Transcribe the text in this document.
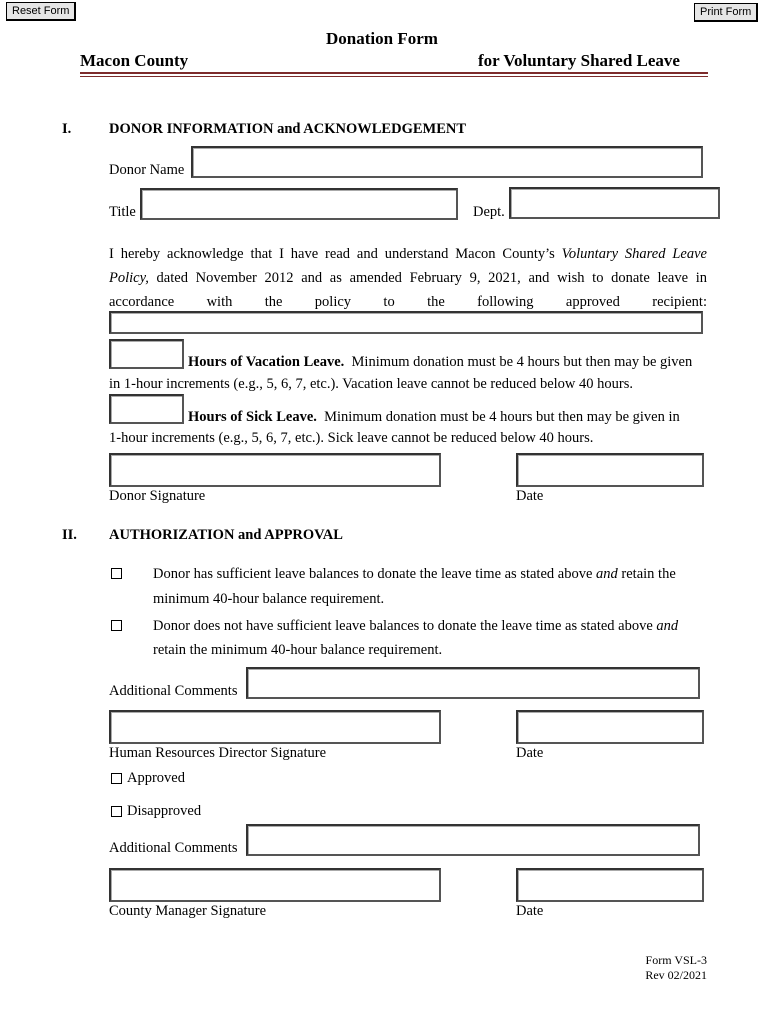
Reset Form	Print Form
Donation Form
Macon County	for Voluntary Shared Leave
I.	DONOR INFORMATION and ACKNOWLEDGEMENT
Donor Name
Title	Dept.
I hereby acknowledge that I have read and understand Macon County’s Voluntary Shared Leave
Policy, dated November 2012 and as amended February 9, 2021, and wish to donate leave in
accordance with the policy to the following approved recipient:
Hours of Vacation Leave. Minimum donation must be 4 hours but then may be given
in 1-hour increments (e.g., 5, 6, 7, etc.). Vacation leave cannot be reduced below 40 hours.
Hours of Sick Leave. Minimum donation must be 4 hours but then may be given in
1-hour increments (e.g., 5, 6, 7, etc.). Sick leave cannot be reduced below 40 hours.
Donor Signature	Date
II. AUTHORIZATION and APPROVAL
Donor has sufficient leave balances to donate the leave time as stated above and retain the
minimum 40-hour balance requirement.
Donor does not have sufficient leave balances to donate the leave time as stated above and
retain the minimum 40-hour balance requirement.
Additional Comments
Human Resources Director Signature	Date
Approved
Disapproved
Additional Comments
County Manager Signature	Date
Form VSL-3
Rev 02/2021
